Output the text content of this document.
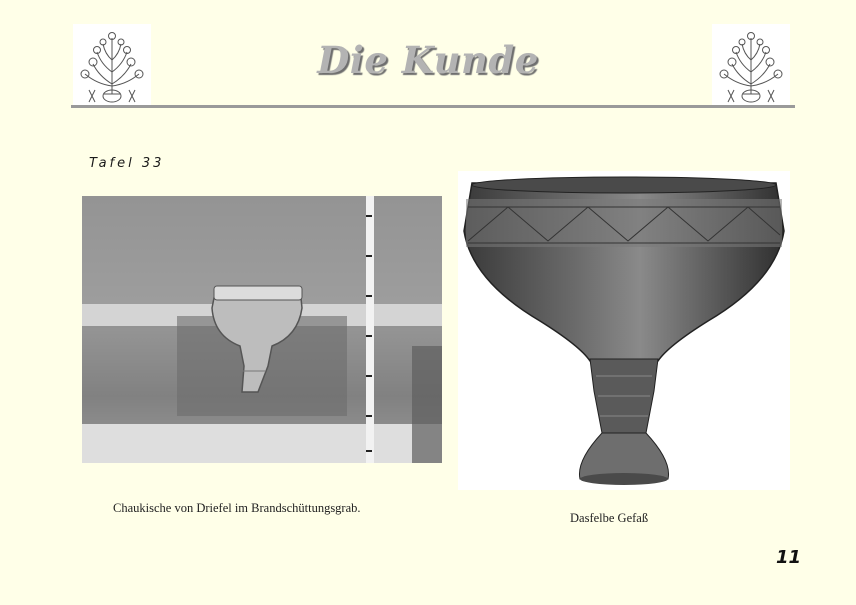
Die Kunde
Tafel 33
Chaukische von Driefel im Brandschüttungsgrab.
Dasfelbe Gefaß
11
